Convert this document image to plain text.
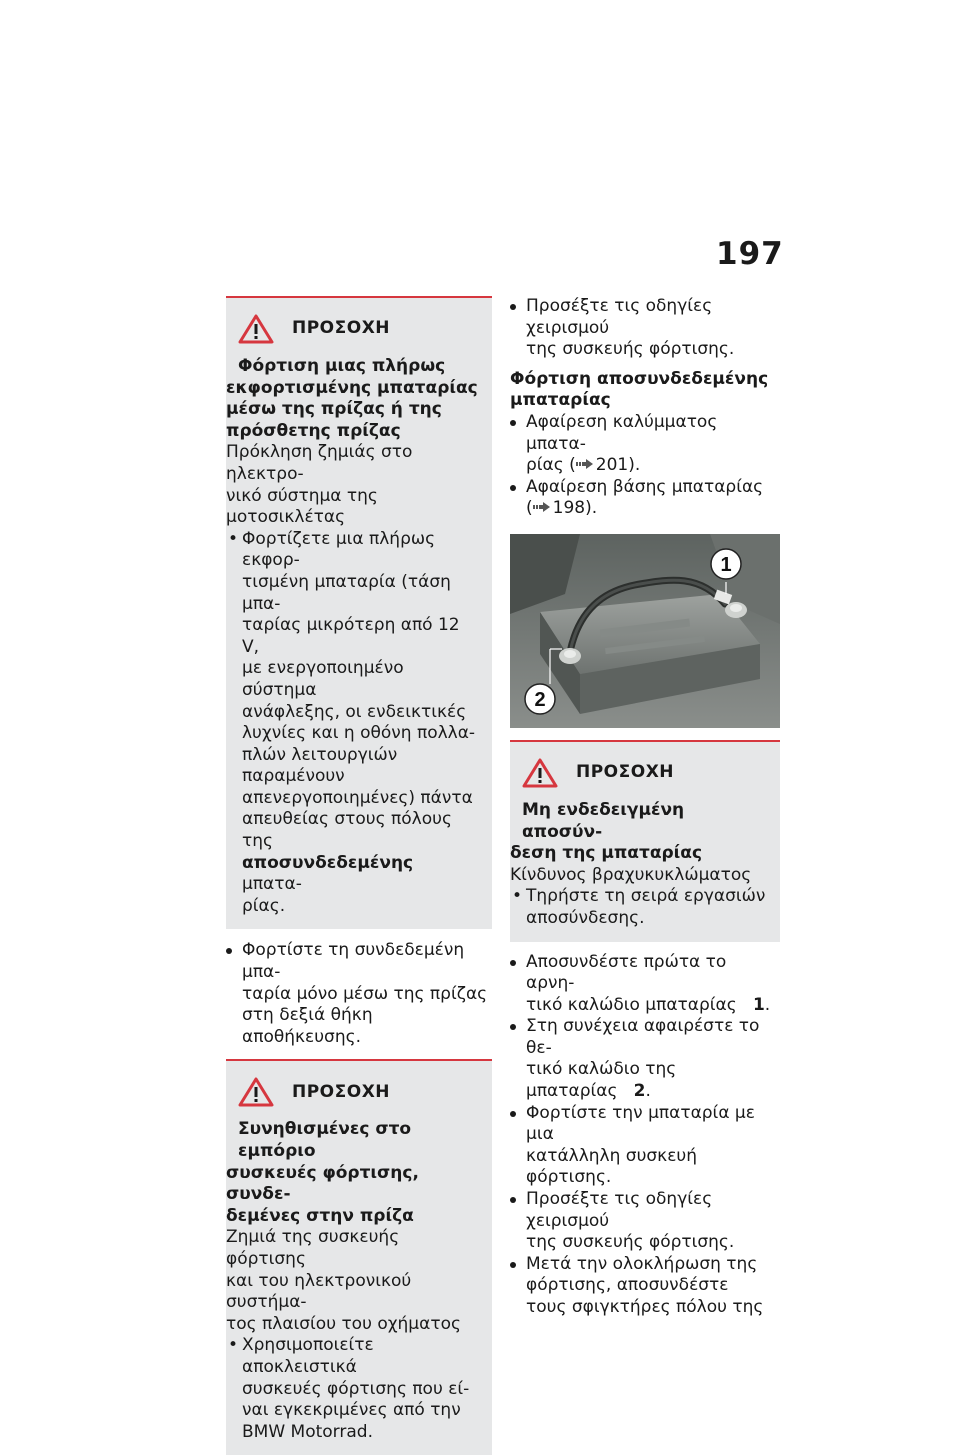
197
ΠΡΟΣΟΧΗ
Φόρτιση μιας πλήρως
εκφορτισμένης μπαταρίας
μέσω της πρίζας ή της
πρόσθετης πρίζας
Πρόκληση ζημιάς στο ηλεκτρο-
νικό σύστημα της μοτοσικλέτας
• Φορτίζετε μια πλήρως εκφορ-
τισμένη μπαταρία (τάση μπα-
ταρίας μικρότερη από 12 V,
με ενεργοποιημένο σύστημα
ανάφλεξης, οι ενδεικτικές
λυχνίες και η οθόνη πολλα-
πλών λειτουργιών παραμένουν
απενεργοποιημένες) πάντα
απευθείας στους πόλους της
αποσυνδεδεμένης μπατα-
ρίας.
Φορτίστε τη συνδεδεμένη μπα-
ταρία μόνο μέσω της πρίζας
στη δεξιά θήκη αποθήκευσης.
ΠΡΟΣΟΧΗ
Συνηθισμένες στο εμπόριο
συσκευές φόρτισης, συνδε-
δεμένες στην πρίζα
Ζημιά της συσκευής φόρτισης
και του ηλεκτρονικού συστήμα-
τος πλαισίου του οχήματος
• Χρησιμοποιείτε αποκλειστικά
συσκευές φόρτισης που εί-
ναι εγκεκριμένες από την
BMW Motorrad.
Προσέξτε τις οδηγίες χειρισμού
της συσκευής φόρτισης.
Φόρτιση αποσυνδεδεμένης
μπαταρίας
Αφαίρεση καλύμματος μπατα-
ρίας ( 201).
Αφαίρεση βάσης μπαταρίας
( 198).
1
2
ΠΡΟΣΟΧΗ
Μη ενδεδειγμένη αποσύν-
δεση της μπαταρίας
Κίνδυνος βραχυκυκλώματος
• Τηρήστε τη σειρά εργασιών
αποσύνδεσης.
Αποσυνδέστε πρώτα το αρνη-
τικό καλώδιο μπαταρίας 1.
Στη συνέχεια αφαιρέστε το θε-
τικό καλώδιο της μπαταρίας 2.
Φορτίστε την μπαταρία με μια
κατάλληλη συσκευή φόρτισης.
Προσέξτε τις οδηγίες χειρισμού
της συσκευής φόρτισης.
Μετά την ολοκλήρωση της
φόρτισης, αποσυνδέστε
τους σφιγκτήρες πόλου της
